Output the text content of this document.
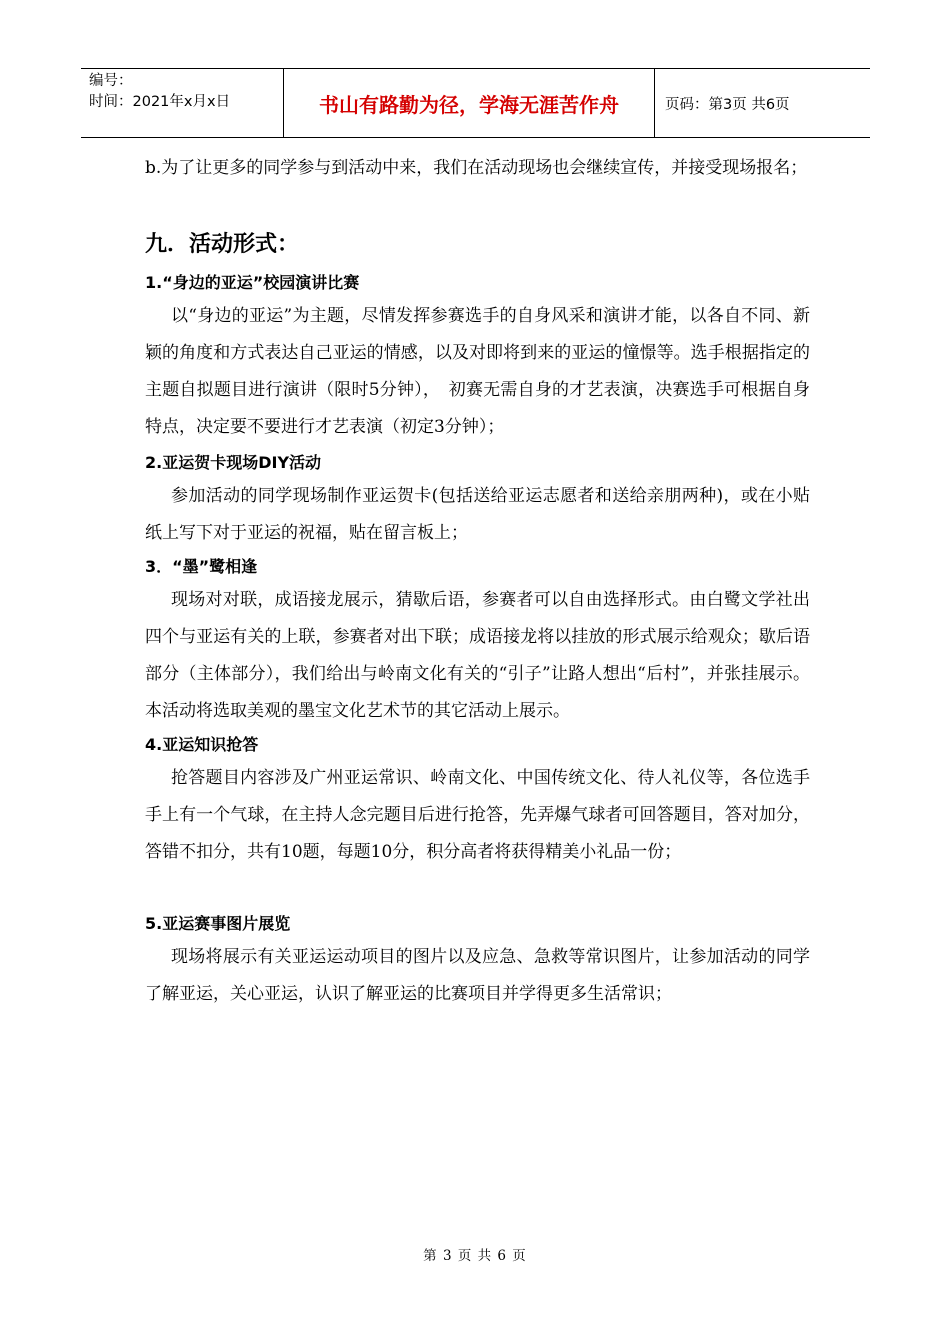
编号：
时间：2021年x月x日	书山有路勤为径，学海无涯苦作舟	页码：第3页 共6页

b.为了让更多的同学参与到活动中来，我们在活动现场也会继续宣传，并接受现场报名；

九．活动形式：

1.“身边的亚运”校园演讲比赛

以“身边的亚运”为主题，尽情发挥参赛选手的自身风采和演讲才能，以各自不同、新颖的角度和方式表达自己亚运的情感，以及对即将到来的亚运的憧憬等。选手根据指定的主题自拟题目进行演讲（限时5分钟），　初赛无需自身的才艺表演，决赛选手可根据自身特点，决定要不要进行才艺表演（初定3分钟）；

2.亚运贺卡现场DIY活动

参加活动的同学现场制作亚运贺卡(包括送给亚运志愿者和送给亲朋两种)，或在小贴纸上写下对于亚运的祝福，贴在留言板上；

3．“墨”鹭相逢

现场对对联，成语接龙展示，猜歇后语，参赛者可以自由选择形式。由白鹭文学社出四个与亚运有关的上联，参赛者对出下联；成语接龙将以挂放的形式展示给观众；歇后语部分（主体部分），我们给出与岭南文化有关的“引子”让路人想出“后村”，并张挂展示。本活动将选取美观的墨宝文化艺术节的其它活动上展示。

4.亚运知识抢答

抢答题目内容涉及广州亚运常识、岭南文化、中国传统文化、待人礼仪等，各位选手手上有一个气球，在主持人念完题目后进行抢答，先弄爆气球者可回答题目，答对加分，答错不扣分，共有10题，每题10分，积分高者将获得精美小礼品一份；

5.亚运赛事图片展览

现场将展示有关亚运运动项目的图片以及应急、急救等常识图片，让参加活动的同学了解亚运，关心亚运，认识了解亚运的比赛项目并学得更多生活常识；

第 3 页 共 6 页
